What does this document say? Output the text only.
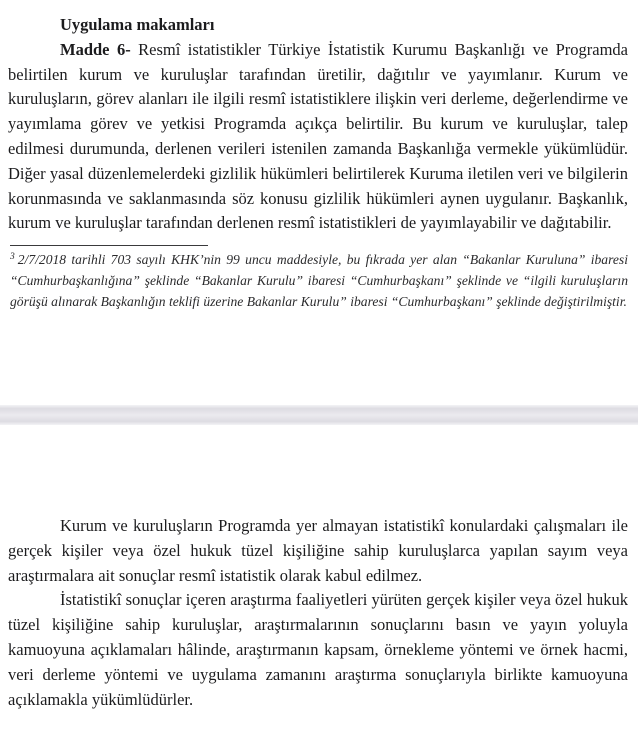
Uygulama makamları

Madde 6- Resmî istatistikler Türkiye İstatistik Kurumu Başkanlığı ve Programda belirtilen kurum ve kuruluşlar tarafından üretilir, dağıtılır ve yayımlanır. Kurum ve kuruluşların, görev alanları ile ilgili resmî istatistiklere ilişkin veri derleme, değerlendirme ve yayımlama görev ve yetkisi Programda açıkça belirtilir. Bu kurum ve kuruluşlar, talep edilmesi durumunda, derlenen verileri istenilen zamanda Başkanlığa vermekle yükümlüdür. Diğer yasal düzenlemelerdeki gizlilik hükümleri belirtilerek Kuruma iletilen veri ve bilgilerin korunmasında ve saklanmasında söz konusu gizlilik hükümleri aynen uygulanır. Başkanlık, kurum ve kuruluşlar tarafından derlenen resmî istatistikleri de yayımlayabilir ve dağıtabilir.

$^3$ 2/7/2018 tarihli 703 sayılı KHK’nin 99 uncu maddesiyle, bu fıkrada yer alan “Bakanlar Kuruluna” ibaresi “Cumhurbaşkanlığına” şeklinde “Bakanlar Kurulu” ibaresi “Cumhurbaşkanı” şeklinde ve “ilgili kuruluşların görüşü alınarak Başkanlığın teklifi üzerine Bakanlar Kurulu” ibaresi “Cumhurbaşkanı” şeklinde değiştirilmiştir.

Kurum ve kuruluşların Programda yer almayan istatistikî konulardaki çalışmaları ile gerçek kişiler veya özel hukuk tüzel kişiliğine sahip kuruluşlarca yapılan sayım veya araştırmalara ait sonuçlar resmî istatistik olarak kabul edilmez.

İstatistikî sonuçlar içeren araştırma faaliyetleri yürüten gerçek kişiler veya özel hukuk tüzel kişiliğine sahip kuruluşlar, araştırmalarının sonuçlarını basın ve yayın yoluyla kamuoyuna açıklamaları hâlinde, araştırmanın kapsam, örnekleme yöntemi ve örnek hacmi, veri derleme yöntemi ve uygulama zamanını araştırma sonuçlarıyla birlikte kamuoyuna açıklamakla yükümlüdürler.
